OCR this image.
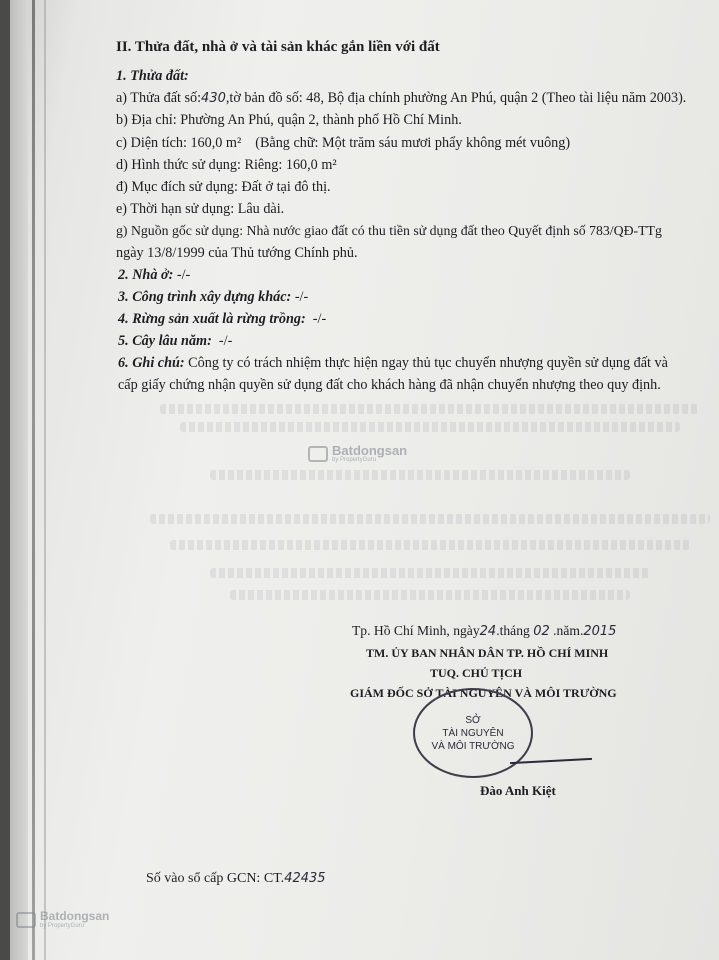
II. Thửa đất, nhà ở và tài sản khác gắn liền với đất
1. Thửa đất:
a) Thửa đất số:430,tờ bản đồ số: 48, Bộ địa chính phường An Phú, quận 2 (Theo tài liệu năm 2003).
b) Địa chỉ: Phường An Phú, quận 2, thành phố Hồ Chí Minh.
c) Diện tích: 160,0 m² (Bằng chữ: Một trăm sáu mươi phẩy không mét vuông)
d) Hình thức sử dụng: Riêng: 160,0 m²
đ) Mục đích sử dụng: Đất ở tại đô thị.
e) Thời hạn sử dụng: Lâu dài.
g) Nguồn gốc sử dụng: Nhà nước giao đất có thu tiền sử dụng đất theo Quyết định số 783/QĐ-TTg
ngày 13/8/1999 của Thủ tướng Chính phủ.
2. Nhà ở: -/-
3. Công trình xây dựng khác: -/-
4. Rừng sản xuất là rừng trồng: -/-
5. Cây lâu năm: -/-
6. Ghi chú: Công ty có trách nhiệm thực hiện ngay thủ tục chuyển nhượng quyền sử dụng đất và
cấp giấy chứng nhận quyền sử dụng đất cho khách hàng đã nhận chuyển nhượng theo quy định.
Batdongsan
by PropertyGuru
Tp. Hồ Chí Minh, ngày24.tháng 02 .năm.2015
TM. ỦY BAN NHÂN DÂN TP. HỒ CHÍ MINH
TUQ. CHỦ TỊCH
GIÁM ĐỐC SỞ TÀI NGUYÊN VÀ MÔI TRƯỜNG
SỞ
TÀI NGUYÊN
VÀ MÔI TRƯỜNG
Đào Anh Kiệt
Số vào sổ cấp GCN: CT.42435
Batdongsan
by PropertyGuru
